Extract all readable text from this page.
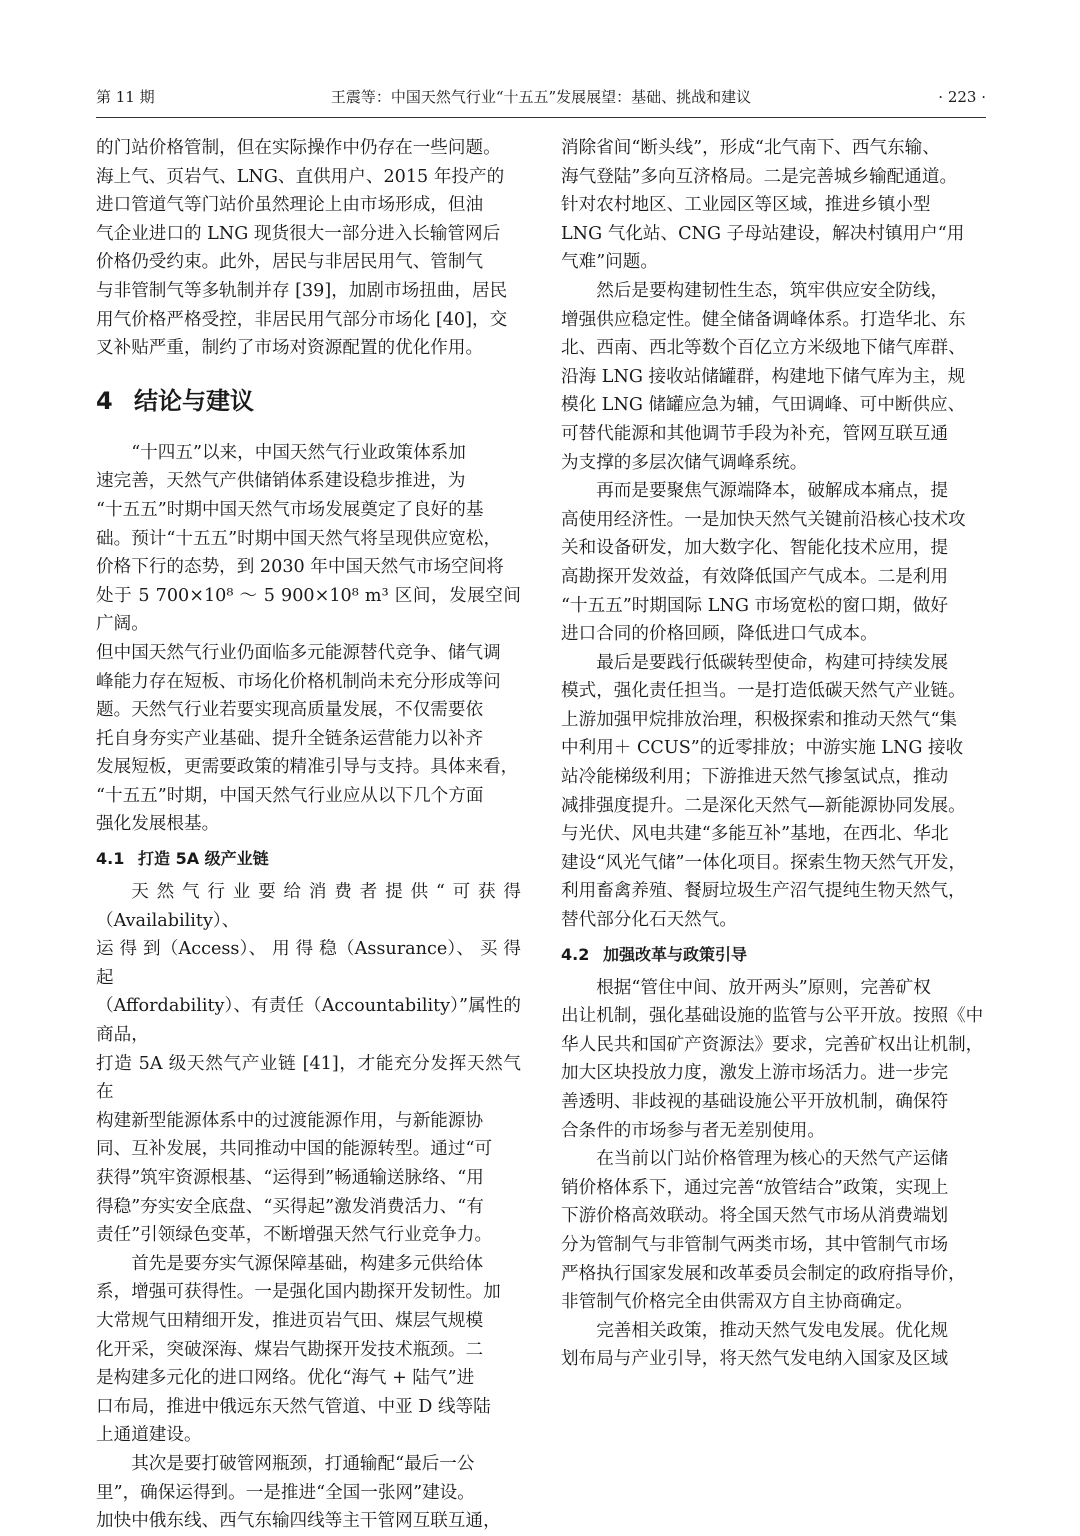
第 11 期	王震等：中国天然气行业“十五五”发展展望：基础、挑战和建议	· 223 ·

的门站价格管制，但在实际操作中仍存在一些问题。
海上气、页岩气、LNG、直供用户、2015 年投产的
进口管道气等门站价虽然理论上由市场形成，但油
气企业进口的 LNG 现货很大一部分进入长输管网后
价格仍受约束。此外，居民与非居民用气、管制气
与非管制气等多轨制并存 [39]，加剧市场扭曲，居民
用气价格严格受控，非居民用气部分市场化 [40]，交
叉补贴严重，制约了市场对资源配置的优化作用。

4 结论与建议

“十四五”以来，中国天然气行业政策体系加
速完善，天然气产供储销体系建设稳步推进，为
“十五五”时期中国天然气市场发展奠定了良好的基
础。预计“十五五”时期中国天然气将呈现供应宽松，
价格下行的态势，到 2030 年中国天然气市场空间将
处于 5 700×10⁸ ～ 5 900×10⁸ m³ 区间，发展空间广阔。
但中国天然气行业仍面临多元能源替代竞争、储气调
峰能力存在短板、市场化价格机制尚未充分形成等问
题。天然气行业若要实现高质量发展，不仅需要依
托自身夯实产业基础、提升全链条运营能力以补齐
发展短板，更需要政策的精准引导与支持。具体来看，
“十五五”时期，中国天然气行业应从以下几个方面
强化发展根基。

4.1 打造 5A 级产业链

天然气行业要给消费者提供“可获得（Availability）、
运 得 到（Access）、 用 得 稳（Assurance）、 买 得 起
（Affordability）、有责任（Accountability）”属性的商品，
打造 5A 级天然气产业链 [41]，才能充分发挥天然气在
构建新型能源体系中的过渡能源作用，与新能源协
同、互补发展，共同推动中国的能源转型。通过“可
获得”筑牢资源根基、“运得到”畅通输送脉络、“用
得稳”夯实安全底盘、“买得起”激发消费活力、“有
责任”引领绿色变革，不断增强天然气行业竞争力。

首先是要夯实气源保障基础，构建多元供给体
系，增强可获得性。一是强化国内勘探开发韧性。加
大常规气田精细开发，推进页岩气田、煤层气规模
化开采，突破深海、煤岩气勘探开发技术瓶颈。二
是构建多元化的进口网络。优化“海气 + 陆气”进
口布局，推进中俄远东天然气管道、中亚 D 线等陆
上通道建设。

其次是要打破管网瓶颈，打通输配“最后一公
里”，确保运得到。一是推进“全国一张网”建设。
加快中俄东线、西气东输四线等主干管网互联互通，

消除省间“断头线”，形成“北气南下、西气东输、
海气登陆”多向互济格局。二是完善城乡输配通道。
针对农村地区、工业园区等区域，推进乡镇小型
LNG 气化站、CNG 子母站建设，解决村镇用户“用
气难”问题。

然后是要构建韧性生态，筑牢供应安全防线，
增强供应稳定性。健全储备调峰体系。打造华北、东
北、西南、西北等数个百亿立方米级地下储气库群、
沿海 LNG 接收站储罐群，构建地下储气库为主，规
模化 LNG 储罐应急为辅，气田调峰、可中断供应、
可替代能源和其他调节手段为补充，管网互联互通
为支撑的多层次储气调峰系统。

再而是要聚焦气源端降本，破解成本痛点，提
高使用经济性。一是加快天然气关键前沿核心技术攻
关和设备研发，加大数字化、智能化技术应用，提
高勘探开发效益，有效降低国产气成本。二是利用
“十五五”时期国际 LNG 市场宽松的窗口期，做好
进口合同的价格回顾，降低进口气成本。

最后是要践行低碳转型使命，构建可持续发展
模式，强化责任担当。一是打造低碳天然气产业链。
上游加强甲烷排放治理，积极探索和推动天然气“集
中利用＋ CCUS”的近零排放；中游实施 LNG 接收
站冷能梯级利用；下游推进天然气掺氢试点，推动
减排强度提升。二是深化天然气—新能源协同发展。
与光伏、风电共建“多能互补”基地，在西北、华北
建设“风光气储”一体化项目。探索生物天然气开发，
利用畜禽养殖、餐厨垃圾生产沼气提纯生物天然气，
替代部分化石天然气。

4.2 加强改革与政策引导

根据“管住中间、放开两头”原则，完善矿权
出让机制，强化基础设施的监管与公平开放。按照《中
华人民共和国矿产资源法》要求，完善矿权出让机制，
加大区块投放力度，激发上游市场活力。进一步完
善透明、非歧视的基础设施公平开放机制，确保符
合条件的市场参与者无差别使用。

在当前以门站价格管理为核心的天然气产运储
销价格体系下，通过完善“放管结合”政策，实现上
下游价格高效联动。将全国天然气市场从消费端划
分为管制气与非管制气两类市场，其中管制气市场
严格执行国家发展和改革委员会制定的政府指导价，
非管制气价格完全由供需双方自主协商确定。

完善相关政策，推动天然气发电发展。优化规
划布局与产业引导，将天然气发电纳入国家及区域
